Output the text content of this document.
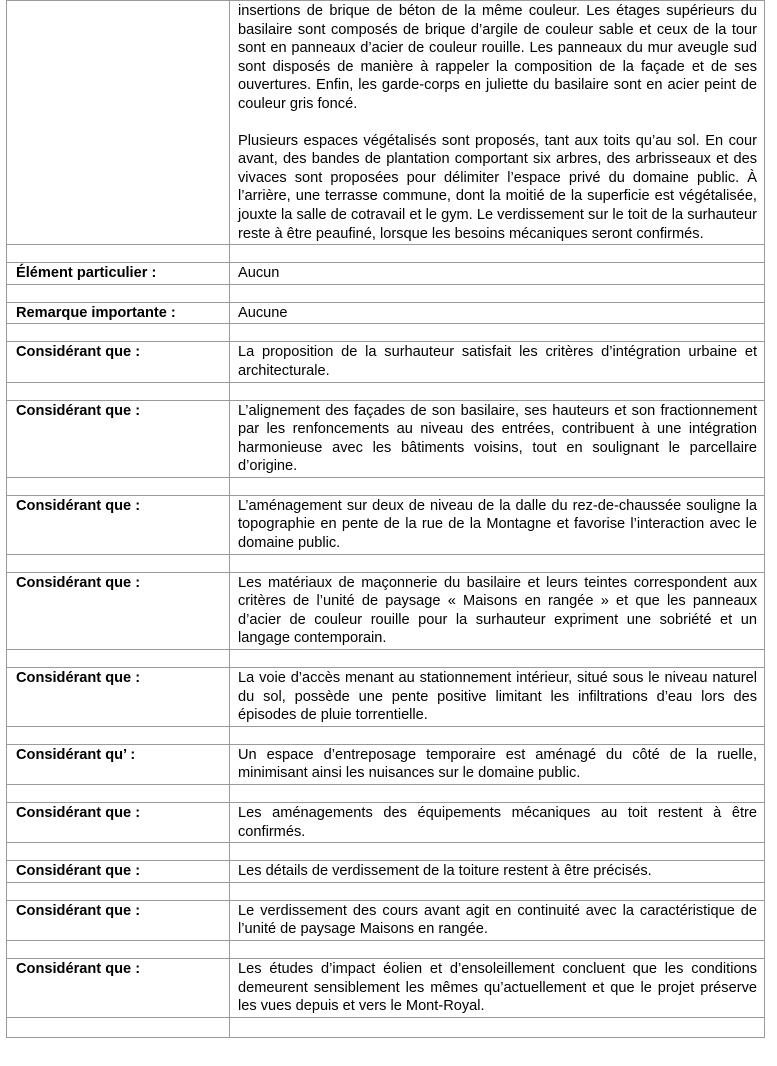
	insertions de brique de béton de la même couleur. Les étages supérieurs du basilaire sont composés de brique d’argile de couleur sable et ceux de la tour sont en panneaux d’acier de couleur rouille. Les panneaux du mur aveugle sud sont disposés de manière à rappeler la composition de la façade et de ses ouvertures. Enfin, les garde-corps en juliette du basilaire sont en acier peint de couleur gris foncé.

Plusieurs espaces végétalisés sont proposés, tant aux toits qu’au sol. En cour avant, des bandes de plantation comportant six arbres, des arbrisseaux et des vivaces sont proposées pour délimiter l’espace privé du domaine public. À l’arrière, une terrasse commune, dont la moitié de la superficie est végétalisée, jouxte la salle de cotravail et le gym. Le verdissement sur le toit de la surhauteur reste à être peaufiné, lorsque les besoins mécaniques seront confirmés.

Élément particulier :	Aucun

Remarque importante :	Aucune

Considérant que :	La proposition de la surhauteur satisfait les critères d’intégration urbaine et architecturale.

Considérant que :	L’alignement des façades de son basilaire, ses hauteurs et son fractionnement par les renfoncements au niveau des entrées, contribuent à une intégration harmonieuse avec les bâtiments voisins, tout en soulignant le parcellaire d’origine.

Considérant que :	L’aménagement sur deux de niveau de la dalle du rez-de-chaussée souligne la topographie en pente de la rue de la Montagne et favorise l’interaction avec le domaine public.

Considérant que :	Les matériaux de maçonnerie du basilaire et leurs teintes correspondent aux critères de l’unité de paysage « Maisons en rangée » et que les panneaux d’acier de couleur rouille pour la surhauteur expriment une sobriété et un langage contemporain.

Considérant que :	La voie d’accès menant au stationnement intérieur, situé sous le niveau naturel du sol, possède une pente positive limitant les infiltrations d’eau lors des épisodes de pluie torrentielle.

Considérant qu’ :	Un espace d’entreposage temporaire est aménagé du côté de la ruelle, minimisant ainsi les nuisances sur le domaine public.

Considérant que :	Les aménagements des équipements mécaniques au toit restent à être confirmés.

Considérant que :	Les détails de verdissement de la toiture restent à être précisés.

Considérant que :	Le verdissement des cours avant agit en continuité avec la caractéristique de l’unité de paysage Maisons en rangée.

Considérant que :	Les études d’impact éolien et d’ensoleillement concluent que les conditions demeurent sensiblement les mêmes qu’actuellement et que le projet préserve les vues depuis et vers le Mont-Royal.
